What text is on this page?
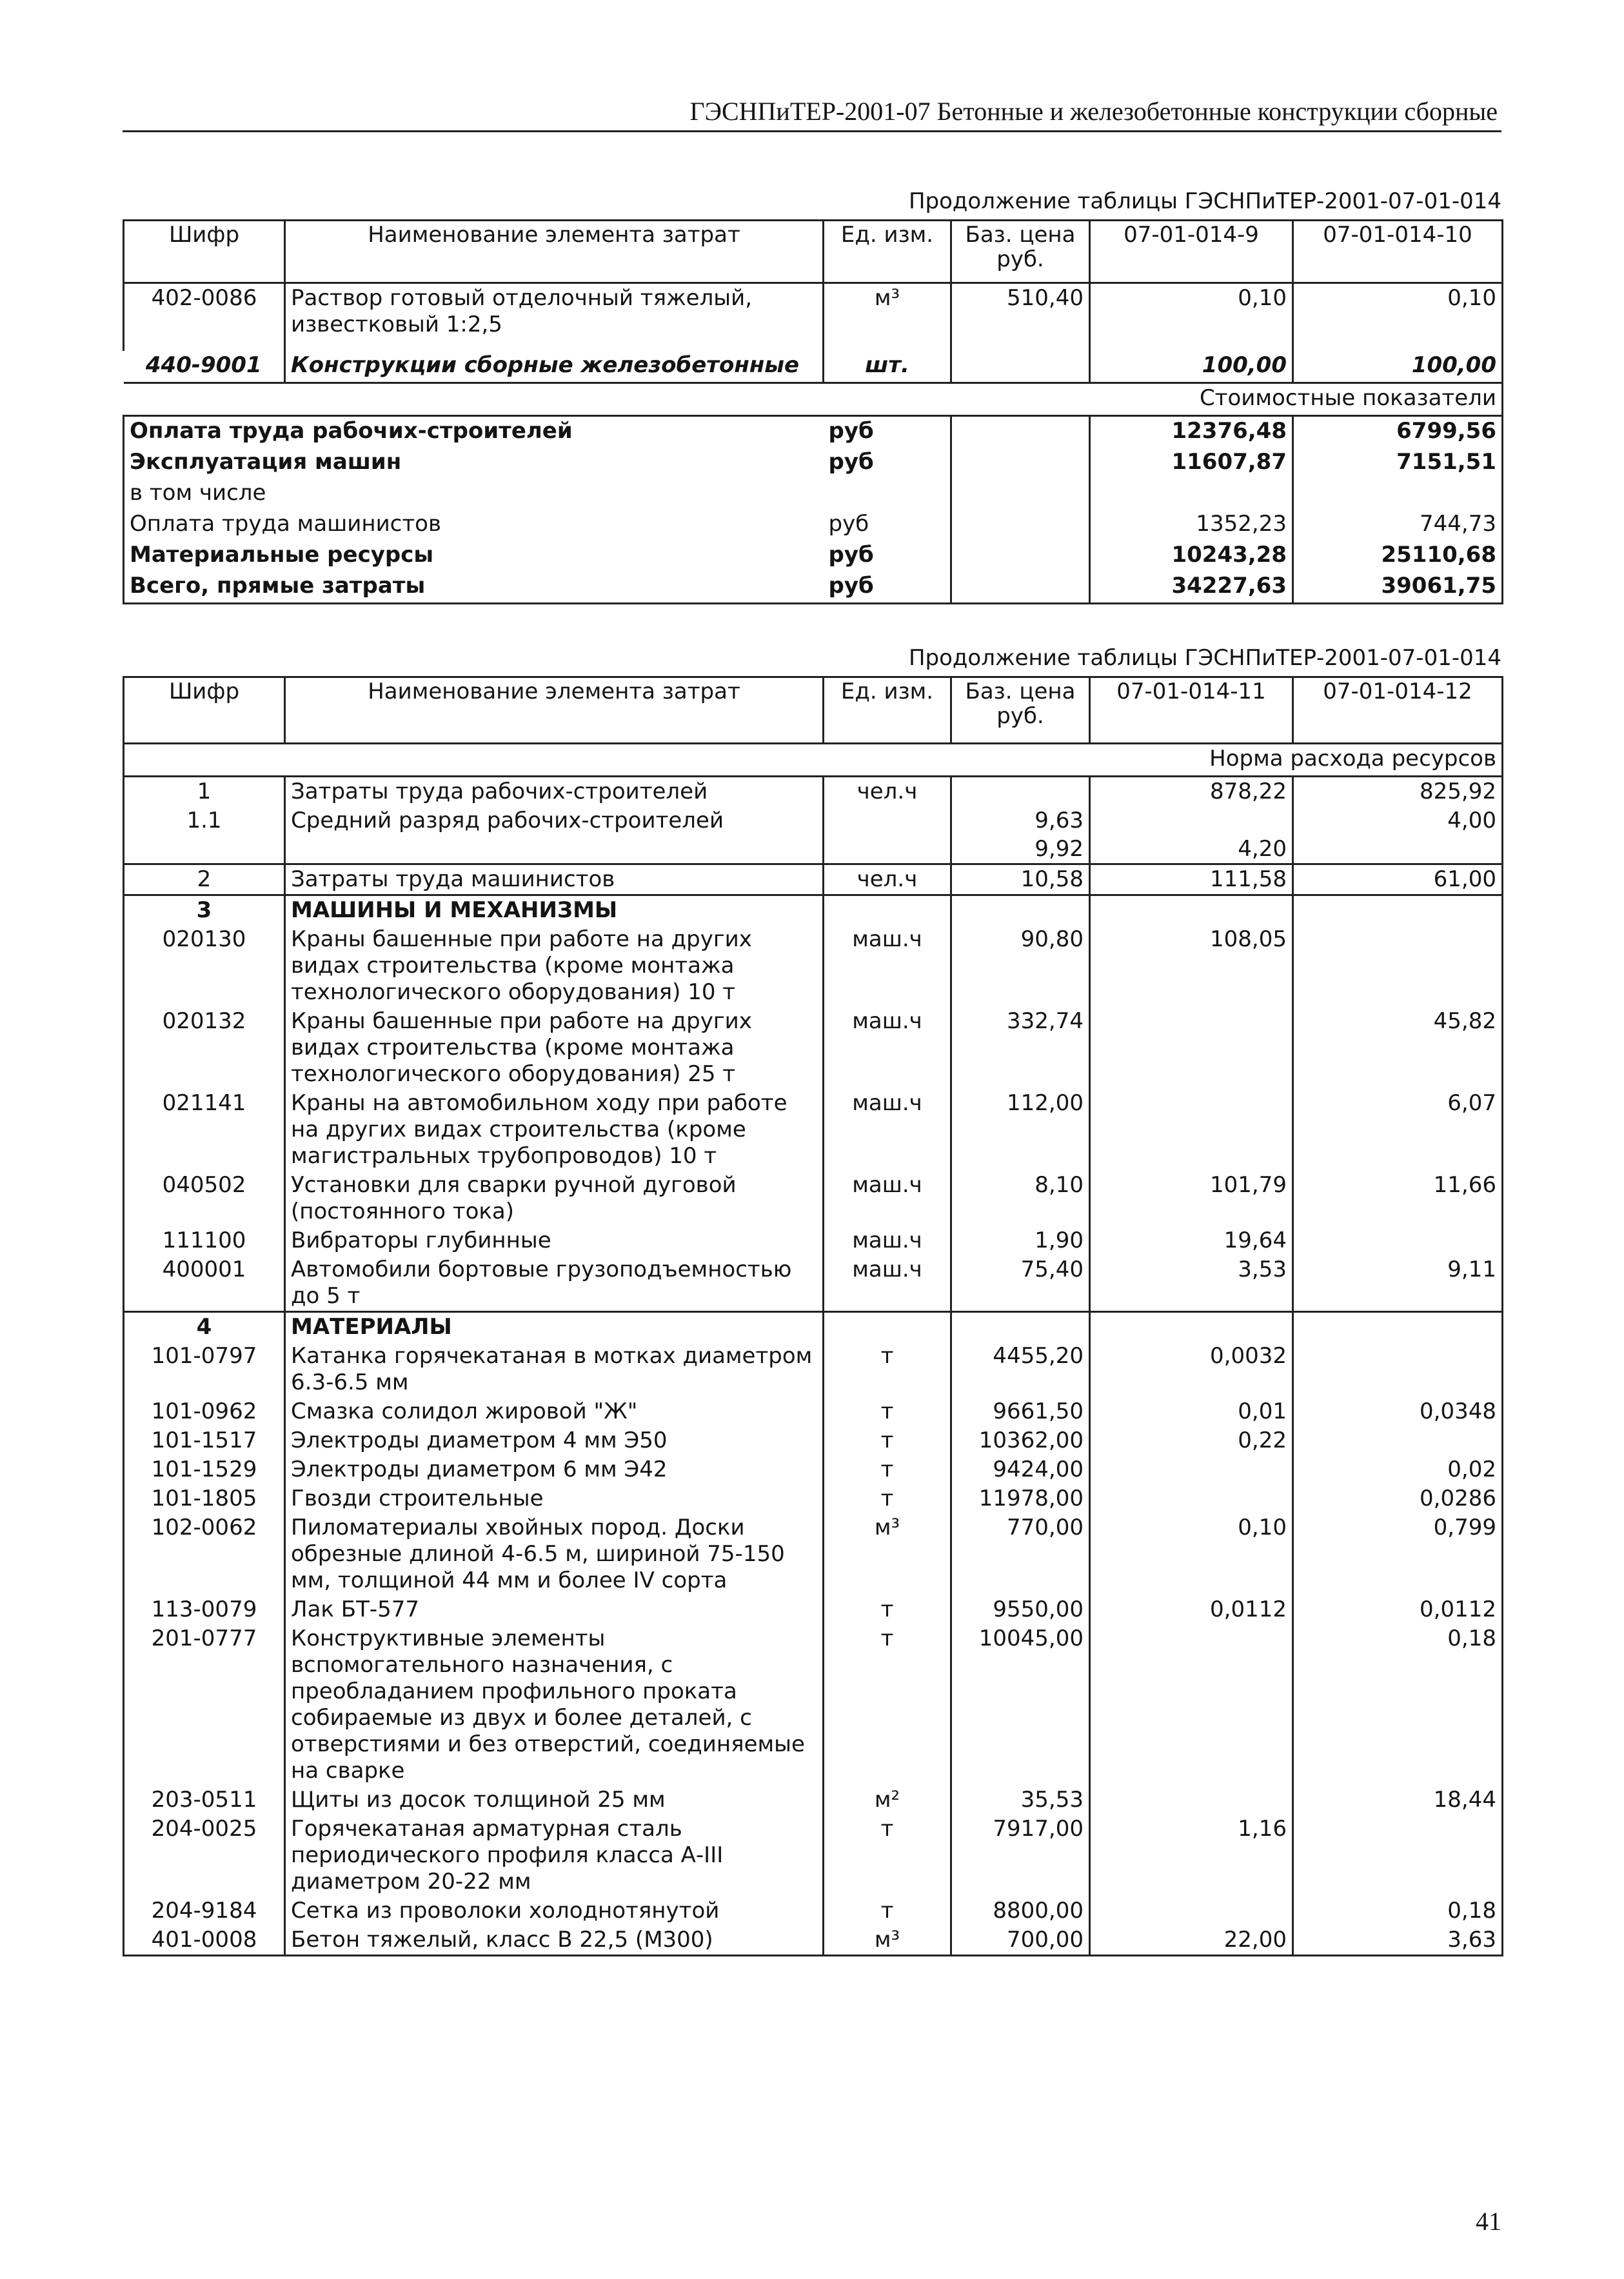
ГЭСНПиТЕР-2001-07 Бетонные и железобетонные конструкции сборные
Продолжение таблицы ГЭСНПиТЕР-2001-07-01-014
Шифр	Наименование элемента затрат	Ед. изм.	Баз. цена руб.	07-01-014-9	07-01-014-10
402-0086	Раствор готовый отделочный тяжелый, известковый 1:2,5	м³	510,40	0,10	0,10
440-9001	Конструкции сборные железобетонные	шт.		100,00	100,00
				Стоимостные показатели	
Оплата труда рабочих-строителей		руб		12376,48	6799,56
Эксплуатация машин		руб		11607,87	7151,51
в том числе					
Оплата труда машинистов		руб		1352,23	744,73
Материальные ресурсы		руб		10243,28	25110,68
Всего, прямые затраты		руб		34227,63	39061,75
Продолжение таблицы ГЭСНПиТЕР-2001-07-01-014
Шифр	Наименование элемента затрат	Ед. изм.	Баз. цена руб.	07-01-014-11	07-01-014-12
				Норма расхода ресурсов	
1	Затраты труда рабочих-строителей	чел.ч		878,22	825,92
1.1	Средний разряд рабочих-строителей		9,63		4,00
			9,92	4,20	
2	Затраты труда машинистов	чел.ч	10,58	111,58	61,00
3	МАШИНЫ И МЕХАНИЗМЫ				
020130	Краны башенные при работе на других видах строительства (кроме монтажа технологического оборудования) 10 т	маш.ч	90,80	108,05	
020132	Краны башенные при работе на других видах строительства (кроме монтажа технологического оборудования) 25 т	маш.ч	332,74		45,82
021141	Краны на автомобильном ходу при работе на других видах строительства (кроме магистральных трубопроводов) 10 т	маш.ч	112,00		6,07
040502	Установки для сварки ручной дуговой (постоянного тока)	маш.ч	8,10	101,79	11,66
111100	Вибраторы глубинные	маш.ч	1,90	19,64	
400001	Автомобили бортовые грузоподъемностью до 5 т	маш.ч	75,40	3,53	9,11
4	МАТЕРИАЛЫ				
101-0797	Катанка горячекатаная в мотках диаметром 6.3-6.5 мм	т	4455,20	0,0032	
101-0962	Смазка солидол жировой "Ж"	т	9661,50	0,01	0,0348
101-1517	Электроды диаметром 4 мм Э50	т	10362,00	0,22	
101-1529	Электроды диаметром 6 мм Э42	т	9424,00		0,02
101-1805	Гвозди строительные	т	11978,00		0,0286
102-0062	Пиломатериалы хвойных пород. Доски обрезные длиной 4-6.5 м, шириной 75-150 мм, толщиной 44 мм и более IV сорта	м³	770,00	0,10	0,799
113-0079	Лак БТ-577	т	9550,00	0,0112	0,0112
201-0777	Конструктивные элементы вспомогательного назначения, с преобладанием профильного проката собираемые из двух и более деталей, с отверстиями и без отверстий, соединяемые на сварке	т	10045,00		0,18
203-0511	Щиты из досок толщиной 25 мм	м²	35,53		18,44
204-0025	Горячекатаная арматурная сталь периодического профиля класса А-III диаметром 20-22 мм	т	7917,00	1,16	
204-9184	Сетка из проволоки холоднотянутой	т	8800,00		0,18
401-0008	Бетон тяжелый, класс В 22,5 (М300)	м³	700,00	22,00	3,63
41
